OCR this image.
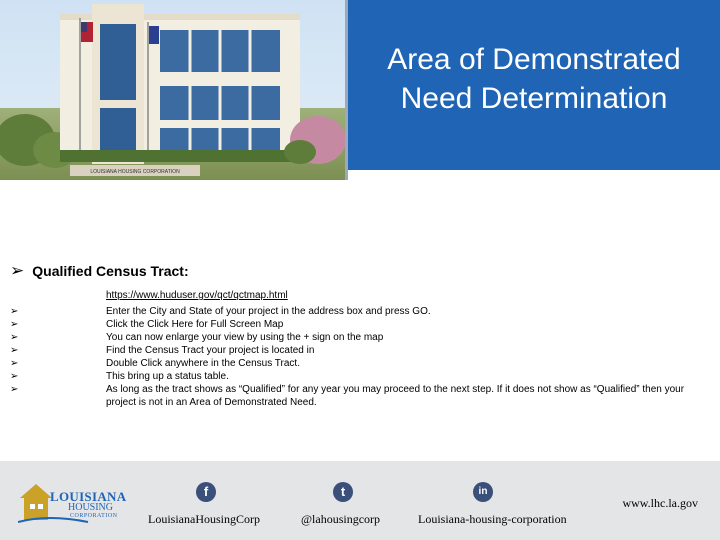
LOUISIANA HOUSING CORPORATION
Area of Demonstrated
Need Determination
➢ Qualified Census Tract:
https://www.huduser.gov/qct/qctmap.html
➢	Enter the City and State of your project in the address box and press GO.
➢	Click the Click Here for Full Screen Map
➢	You can now enlarge your view by using the + sign on the map
➢	Find the Census Tract your project is located in
➢	Double Click anywhere in the Census Tract.
➢	This bring up a status table.
➢	As long as the tract shows as “Qualified” for any year you may proceed to the next step. If it does not show as “Qualified” then your project is not in an Area of Demonstrated Need.
LOUISIANA
HOUSING
CORPORATION
f
LouisianaHousingCorp
t
@lahousingcorp
in
Louisiana-housing-corporation
www.lhc.la.gov
